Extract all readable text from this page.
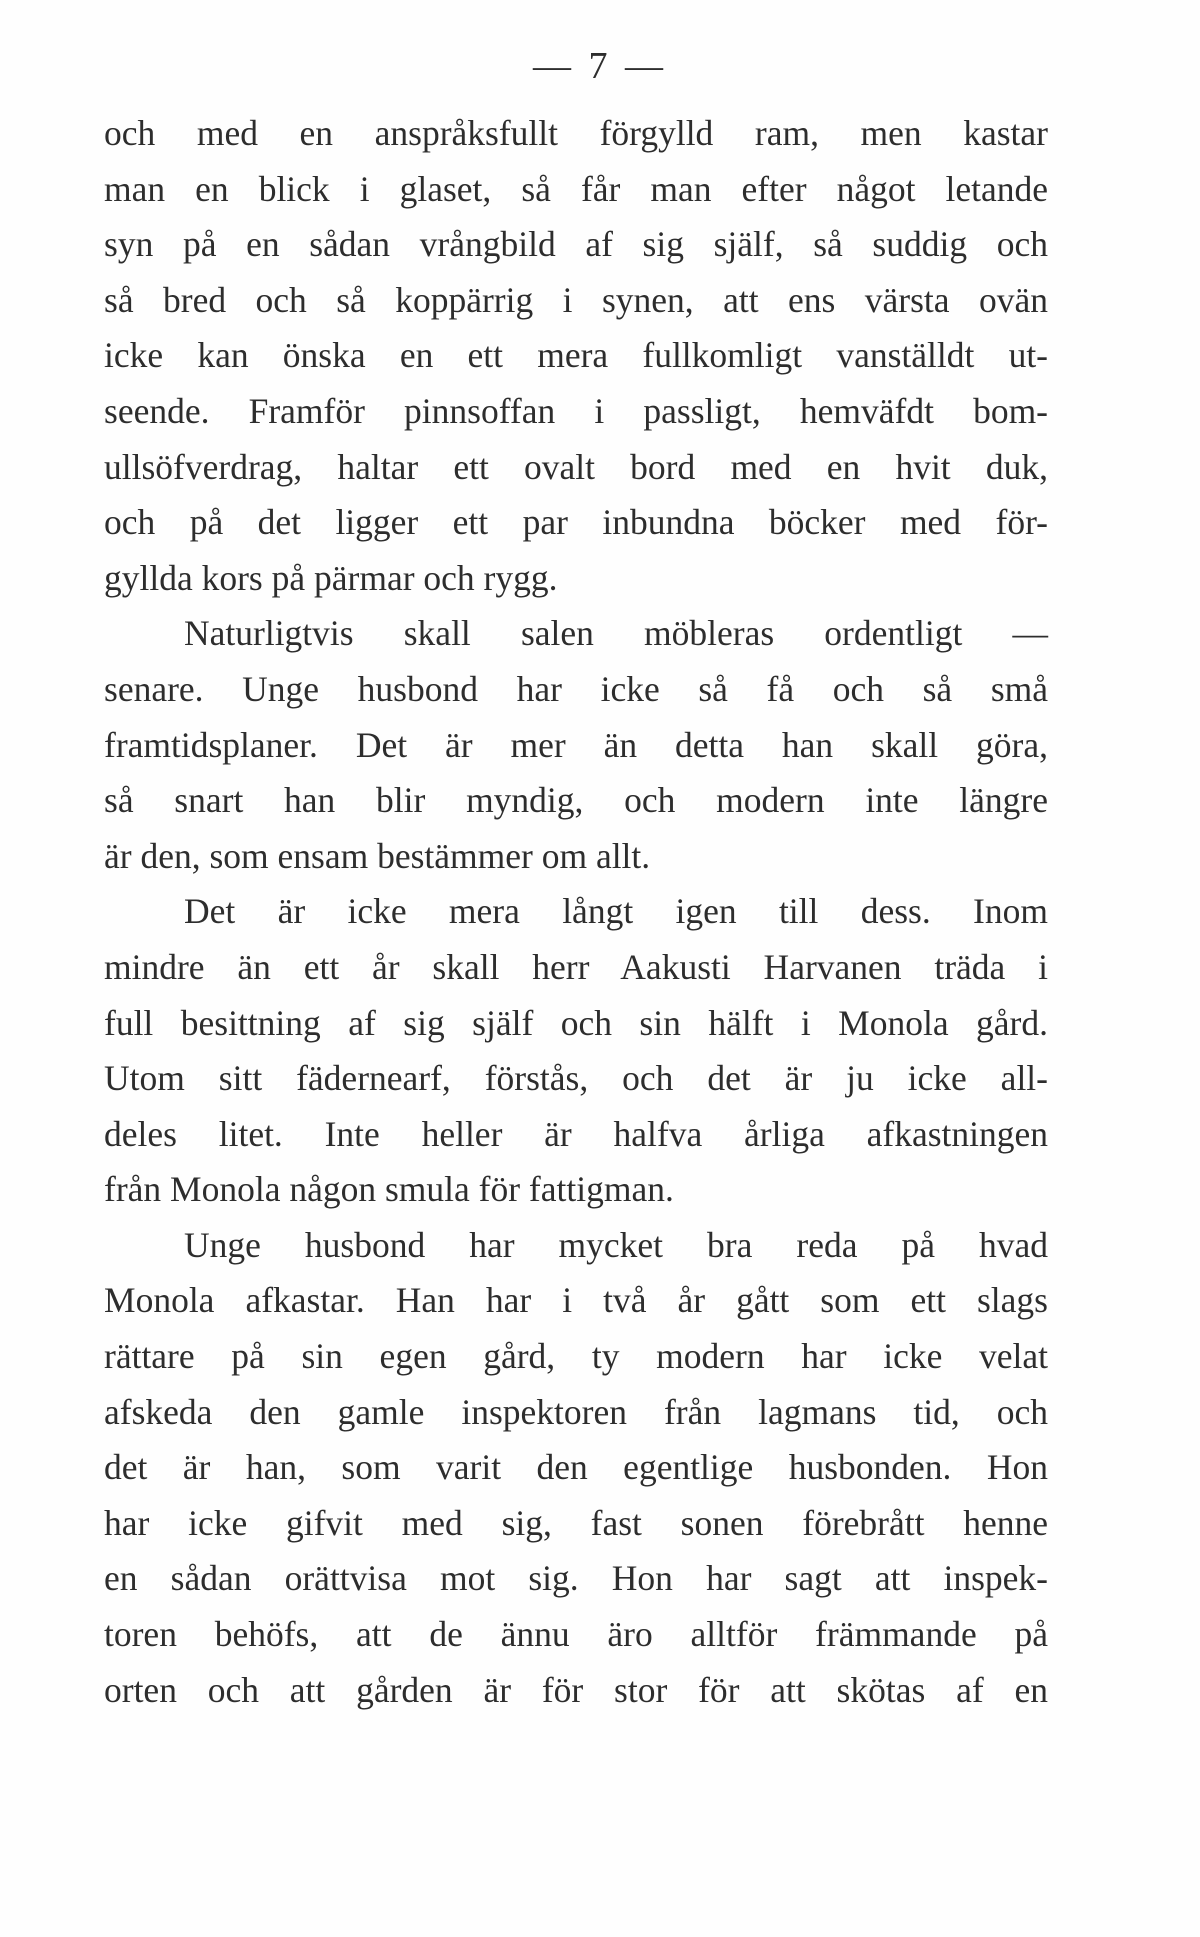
— 7 —
och med en anspråksfullt förgylld ram, men kastar
man en blick i glaset, så får man efter något letande
syn på en sådan vrångbild af sig själf, så suddig och
så bred och så koppärrig i synen, att ens värsta ovän
icke kan önska en ett mera fullkomligt vanställdt ut-
seende. Framför pinnsoffan i passligt, hemväfdt bom-
ullsöfverdrag, haltar ett ovalt bord med en hvit duk,
och på det ligger ett par inbundna böcker med för-
gyllda kors på pärmar och rygg.
Naturligtvis skall salen möbleras ordentligt —
senare. Unge husbond har icke så få och så små
framtidsplaner. Det är mer än detta han skall göra,
så snart han blir myndig, och modern inte längre
är den, som ensam bestämmer om allt.
Det är icke mera långt igen till dess. Inom
mindre än ett år skall herr Aakusti Harvanen träda i
full besittning af sig själf och sin hälft i Monola gård.
Utom sitt fädernearf, förstås, och det är ju icke all-
deles litet. Inte heller är halfva årliga afkastningen
från Monola någon smula för fattigman.
Unge husbond har mycket bra reda på hvad
Monola afkastar. Han har i två år gått som ett slags
rättare på sin egen gård, ty modern har icke velat
afskeda den gamle inspektoren från lagmans tid, och
det är han, som varit den egentlige husbonden. Hon
har icke gifvit med sig, fast sonen förebrått henne
en sådan orättvisa mot sig. Hon har sagt att inspek-
toren behöfs, att de ännu äro alltför främmande på
orten och att gården är för stor för att skötas af en
